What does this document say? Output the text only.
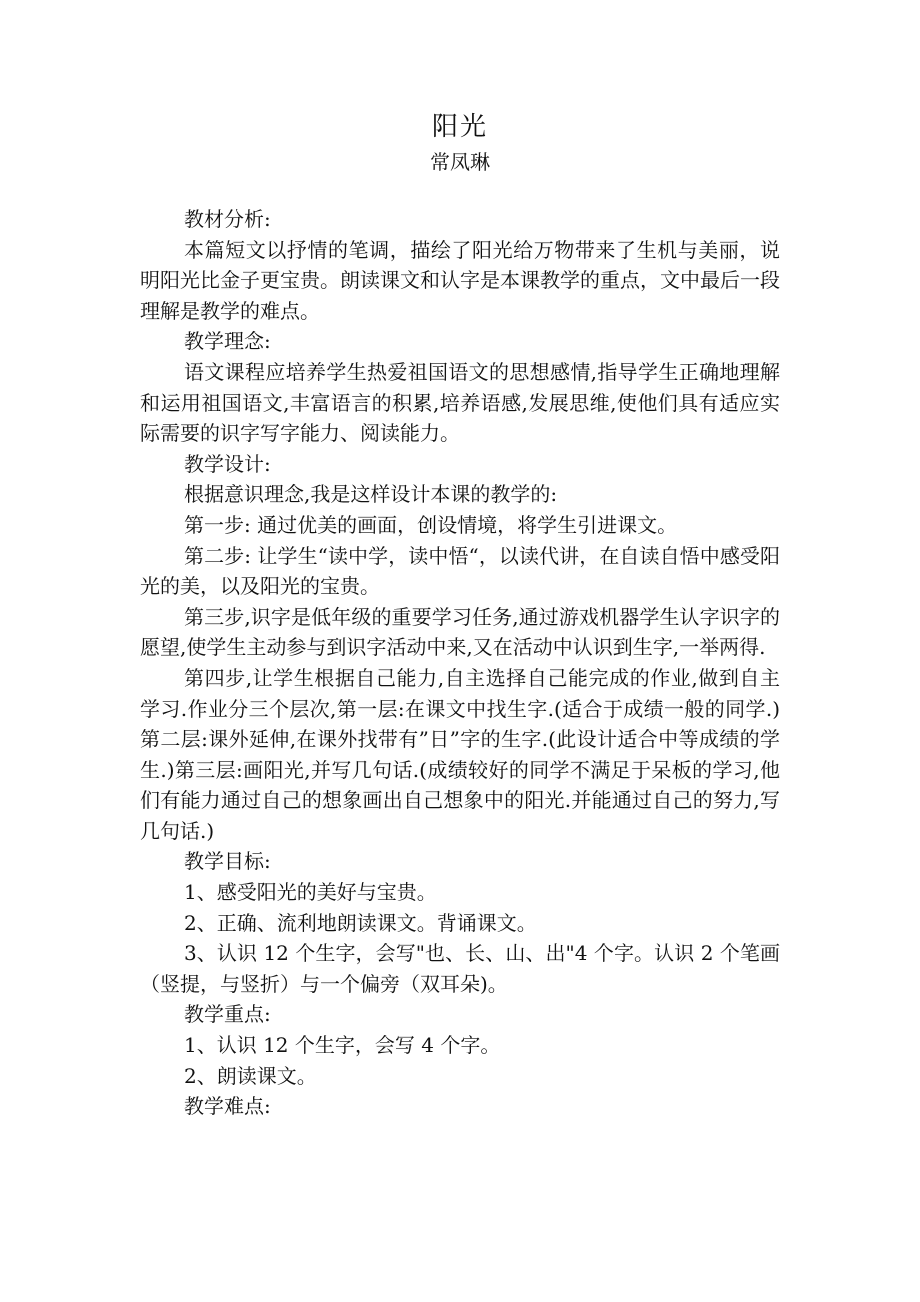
阳光
常凤琳

教材分析:

本篇短文以抒情的笔调，描绘了阳光给万物带来了生机与美丽，说明阳光比金子更宝贵。朗读课文和认字是本课教学的重点，文中最后一段理解是教学的难点。

教学理念:

语文课程应培养学生热爱祖国语文的思想感情,指导学生正确地理解和运用祖国语文,丰富语言的积累,培养语感,发展思维,使他们具有适应实际需要的识字写字能力、阅读能力。

教学设计:

根据意识理念,我是这样设计本课的教学的:

第一步: 通过优美的画面，创设情境，将学生引进课文。

第二步: 让学生“读中学，读中悟“，以读代讲，在自读自悟中感受阳光的美，以及阳光的宝贵。

第三步,识字是低年级的重要学习任务,通过游戏机器学生认字识字的愿望,使学生主动参与到识字活动中来,又在活动中认识到生字,一举两得.

第四步,让学生根据自己能力,自主选择自己能完成的作业,做到自主学习.作业分三个层次,第一层:在课文中找生字.(适合于成绩一般的同学.)第二层:课外延伸,在课外找带有”日”字的生字.(此设计适合中等成绩的学生.)第三层:画阳光,并写几句话.(成绩较好的同学不满足于呆板的学习,他们有能力通过自己的想象画出自己想象中的阳光.并能通过自己的努力,写几句话.)

教学目标:

1、感受阳光的美好与宝贵。

2、正确、流利地朗读课文。背诵课文。

3、认识 12 个生字，会写"也、长、山、出"4 个字。认识 2 个笔画（竖提，与竖折）与一个偏旁（双耳朵)。

教学重点:

1、认识 12 个生字，会写 4 个字。

2、朗读课文。

教学难点:
